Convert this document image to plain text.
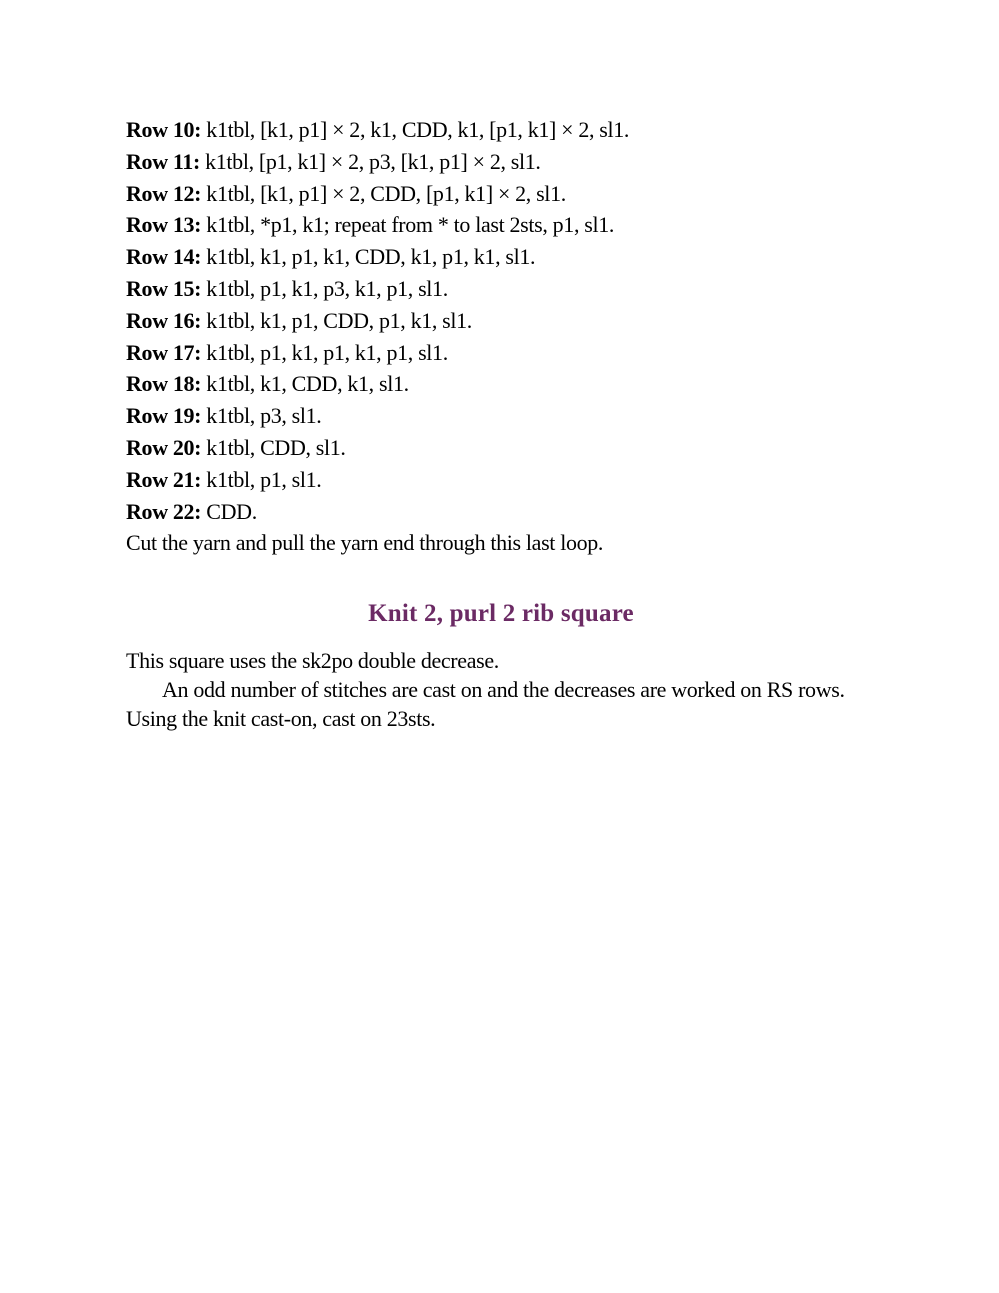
Row 10: k1tbl, [k1, p1] × 2, k1, CDD, k1, [p1, k1] × 2, sl1.
Row 11: k1tbl, [p1, k1] × 2, p3, [k1, p1] × 2, sl1.
Row 12: k1tbl, [k1, p1] × 2, CDD, [p1, k1] × 2, sl1.
Row 13: k1tbl, *p1, k1; repeat from * to last 2sts, p1, sl1.
Row 14: k1tbl, k1, p1, k1, CDD, k1, p1, k1, sl1.
Row 15: k1tbl, p1, k1, p3, k1, p1, sl1.
Row 16: k1tbl, k1, p1, CDD, p1, k1, sl1.
Row 17: k1tbl, p1, k1, p1, k1, p1, sl1.
Row 18: k1tbl, k1, CDD, k1, sl1.
Row 19: k1tbl, p3, sl1.
Row 20: k1tbl, CDD, sl1.
Row 21: k1tbl, p1, sl1.
Row 22: CDD.
Cut the yarn and pull the yarn end through this last loop.
Knit 2, purl 2 rib square
This square uses the sk2po double decrease.
An odd number of stitches are cast on and the decreases are worked on RS rows.
Using the knit cast-on, cast on 23sts.
